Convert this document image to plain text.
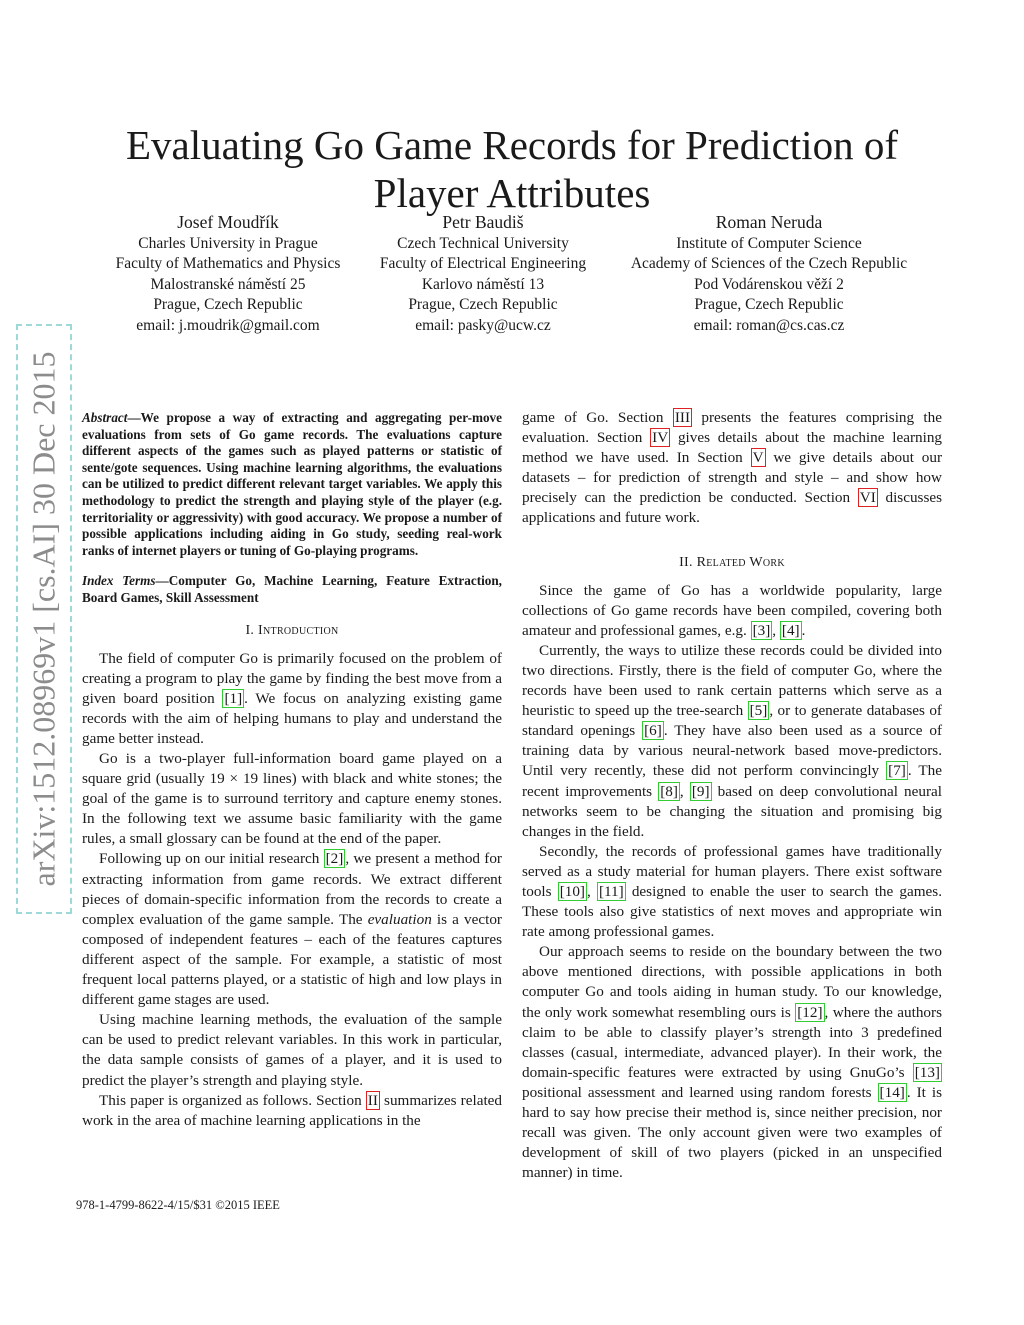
Evaluating Go Game Records for Prediction of Player Attributes
Josef Moudřík
Charles University in Prague
Faculty of Mathematics and Physics
Malostranské náměstí 25
Prague, Czech Republic
email: j.moudrik@gmail.com
Petr Baudiš
Czech Technical University
Faculty of Electrical Engineering
Karlovo náměstí 13
Prague, Czech Republic
email: pasky@ucw.cz
Roman Neruda
Institute of Computer Science
Academy of Sciences of the Czech Republic
Pod Vodárenskou věží 2
Prague, Czech Republic
email: roman@cs.cas.cz
arXiv:1512.08969v1 [cs.AI] 30 Dec 2015 Abstract—We propose a way of extracting and aggregating per-move evaluations from sets of Go game records. The evaluations capture different aspects of the games such as played patterns or statistic of sente/gote sequences. Using machine learning algorithms, the evaluations can be utilized to predict different relevant target variables. We apply this methodology to predict the strength and playing style of the player (e.g. territoriality or aggressivity) with good accuracy. We propose a number of possible applications including aiding in Go study, seeding real-work ranks of internet players or tuning of Go-playing programs.

Index Terms—Computer Go, Machine Learning, Feature Extraction, Board Games, Skill Assessment

I. Introduction

The field of computer Go is primarily focused on the problem of creating a program to play the game by finding the best move from a given board position [1] . We focus on analyzing existing game records with the aim of helping humans to play and understand the game better instead.

Go is a two-player full-information board game played on a square grid (usually 19 × 19 lines) with black and white stones; the goal of the game is to surround territory and capture enemy stones. In the following text we assume basic familiarity with the game rules, a small glossary can be found at the end of the paper.

Following up on our initial research [2] , we present a method for extracting information from game records. We extract different pieces of domain-specific information from the records to create a complex evaluation of the game sample. The evaluation is a vector composed of independent features – each of the features captures different aspect of the sample. For example, a statistic of most frequent local patterns played, or a statistic of high and low plays in different game stages are used.

Using machine learning methods, the evaluation of the sample can be used to predict relevant variables. In this work in particular, the data sample consists of games of a player, and it is used to predict the player’s strength and playing style.

This paper is organized as follows. Section II summarizes related work in the area of machine learning applications in the

978-1-4799-8622-4/15/$31 ©2015 IEEE

game of Go. Section III presents the features comprising the evaluation. Section IV gives details about the machine learning method we have used. In Section V we give details about our datasets – for prediction of strength and style – and show how precisely can the prediction be conducted. Section VI discusses applications and future work.

II. Related Work

Since the game of Go has a worldwide popularity, large collections of Go game records have been compiled, covering both amateur and professional games, e.g. [3] , [4] .

Currently, the ways to utilize these records could be divided into two directions. Firstly, there is the field of computer Go, where the records have been used to rank certain patterns which serve as a heuristic to speed up the tree-search [5] , or to generate databases of standard openings [6] . They have also been used as a source of training data by various neural-network based move-predictors. Until very recently, these did not perform convincingly [7] . The recent improvements [8] , [9] based on deep convolutional neural networks seem to be changing the situation and promising big changes in the field.

Secondly, the records of professional games have traditionally served as a study material for human players. There exist software tools [10] , [11] designed to enable the user to search the games. These tools also give statistics of next moves and appropriate win rate among professional games.

Our approach seems to reside on the boundary between the two above mentioned directions, with possible applications in both computer Go and tools aiding in human study. To our knowledge, the only work somewhat resembling ours is [12] , where the authors claim to be able to classify player’s strength into 3 predefined classes (casual, intermediate, advanced player). In their work, the domain-specific features were extracted by using GnuGo’s [13] positional assessment and learned using random forests [14] . It is hard to say how precise their method is, since neither precision, nor recall was given. The only account given were two examples of development of skill of two players (picked in an unspecified manner) in time.
